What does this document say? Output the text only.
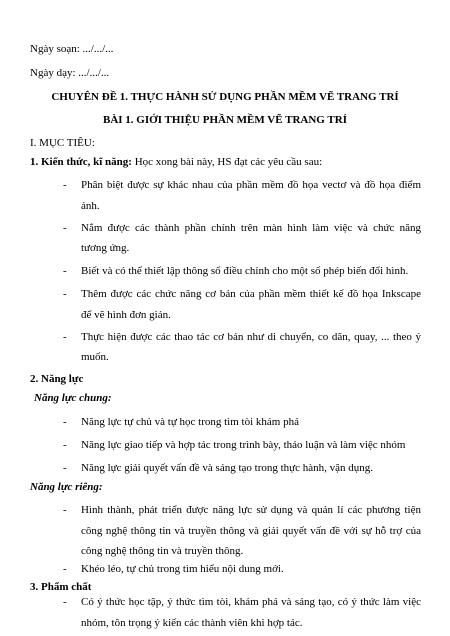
Ngày soạn: .../.../...
Ngày dạy: .../.../...
CHUYÊN ĐỀ 1. THỰC HÀNH SỬ DỤNG PHẦN MỀM VẼ TRANG TRÍ
BÀI 1. GIỚI THIỆU PHẦN MỀM VẼ TRANG TRÍ
I. MỤC TIÊU:
1. Kiến thức, kĩ năng: Học xong bài này, HS đạt các yêu cầu sau:
- Phân biệt được sự khác nhau của phần mềm đồ họa vectơ và đồ họa điểm
ảnh.
- Nắm được các thành phần chính trên màn hình làm việc và chức năng
tương ứng.
- Biết và có thể thiết lập thông số điều chỉnh cho một số phép biến đổi hình.
- Thêm được các chức năng cơ bản của phần mềm thiết kế đồ họa Inkscape
để vẽ hình đơn giản.
- Thực hiện được các thao tác cơ bản như di chuyển, co dãn, quay, ... theo ý
muốn.
2. Năng lực
Năng lực chung:
- Năng lực tự chủ và tự học trong tìm tòi khám phá
- Năng lực giao tiếp và hợp tác trong trình bày, thảo luận và làm việc nhóm
- Năng lực giải quyết vấn đề và sáng tạo trong thực hành, vận dụng.
Năng lực riêng:
- Hình thành, phát triển được năng lực sử dụng và quản lí các phương tiện
công nghệ thông tin và truyền thông và giải quyết vấn đề với sự hỗ trợ của
công nghệ thông tin và truyền thông.
- Khéo léo, tự chủ trong tìm hiểu nội dung mới.
3. Phẩm chất
- Có ý thức học tập, ý thức tìm tòi, khám phá và sáng tạo, có ý thức làm việc
nhóm, tôn trọng ý kiến các thành viên khi hợp tác.
